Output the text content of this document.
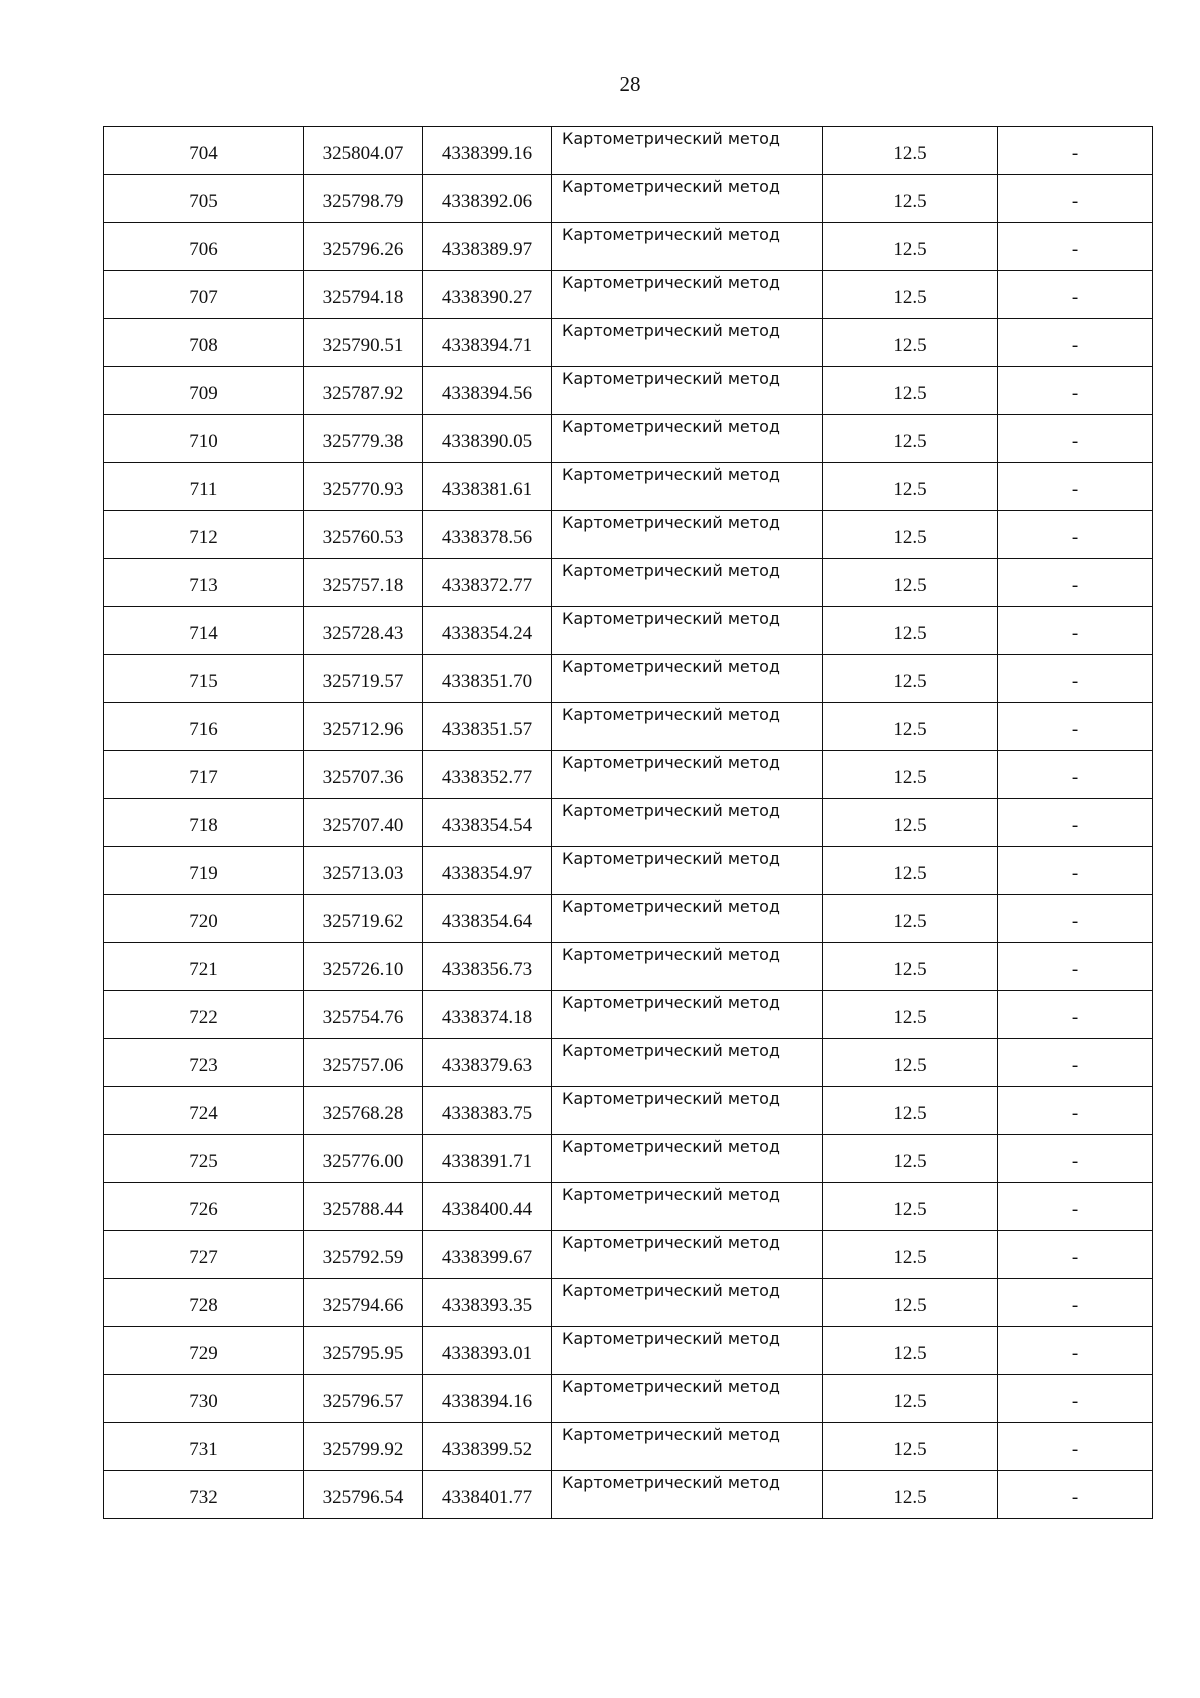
28
704	325804.07	4338399.16	Картометрический метод	12.5	-
705	325798.79	4338392.06	Картометрический метод	12.5	-
706	325796.26	4338389.97	Картометрический метод	12.5	-
707	325794.18	4338390.27	Картометрический метод	12.5	-
708	325790.51	4338394.71	Картометрический метод	12.5	-
709	325787.92	4338394.56	Картометрический метод	12.5	-
710	325779.38	4338390.05	Картометрический метод	12.5	-
711	325770.93	4338381.61	Картометрический метод	12.5	-
712	325760.53	4338378.56	Картометрический метод	12.5	-
713	325757.18	4338372.77	Картометрический метод	12.5	-
714	325728.43	4338354.24	Картометрический метод	12.5	-
715	325719.57	4338351.70	Картометрический метод	12.5	-
716	325712.96	4338351.57	Картометрический метод	12.5	-
717	325707.36	4338352.77	Картометрический метод	12.5	-
718	325707.40	4338354.54	Картометрический метод	12.5	-
719	325713.03	4338354.97	Картометрический метод	12.5	-
720	325719.62	4338354.64	Картометрический метод	12.5	-
721	325726.10	4338356.73	Картометрический метод	12.5	-
722	325754.76	4338374.18	Картометрический метод	12.5	-
723	325757.06	4338379.63	Картометрический метод	12.5	-
724	325768.28	4338383.75	Картометрический метод	12.5	-
725	325776.00	4338391.71	Картометрический метод	12.5	-
726	325788.44	4338400.44	Картометрический метод	12.5	-
727	325792.59	4338399.67	Картометрический метод	12.5	-
728	325794.66	4338393.35	Картометрический метод	12.5	-
729	325795.95	4338393.01	Картометрический метод	12.5	-
730	325796.57	4338394.16	Картометрический метод	12.5	-
731	325799.92	4338399.52	Картометрический метод	12.5	-
732	325796.54	4338401.77	Картометрический метод	12.5	-
